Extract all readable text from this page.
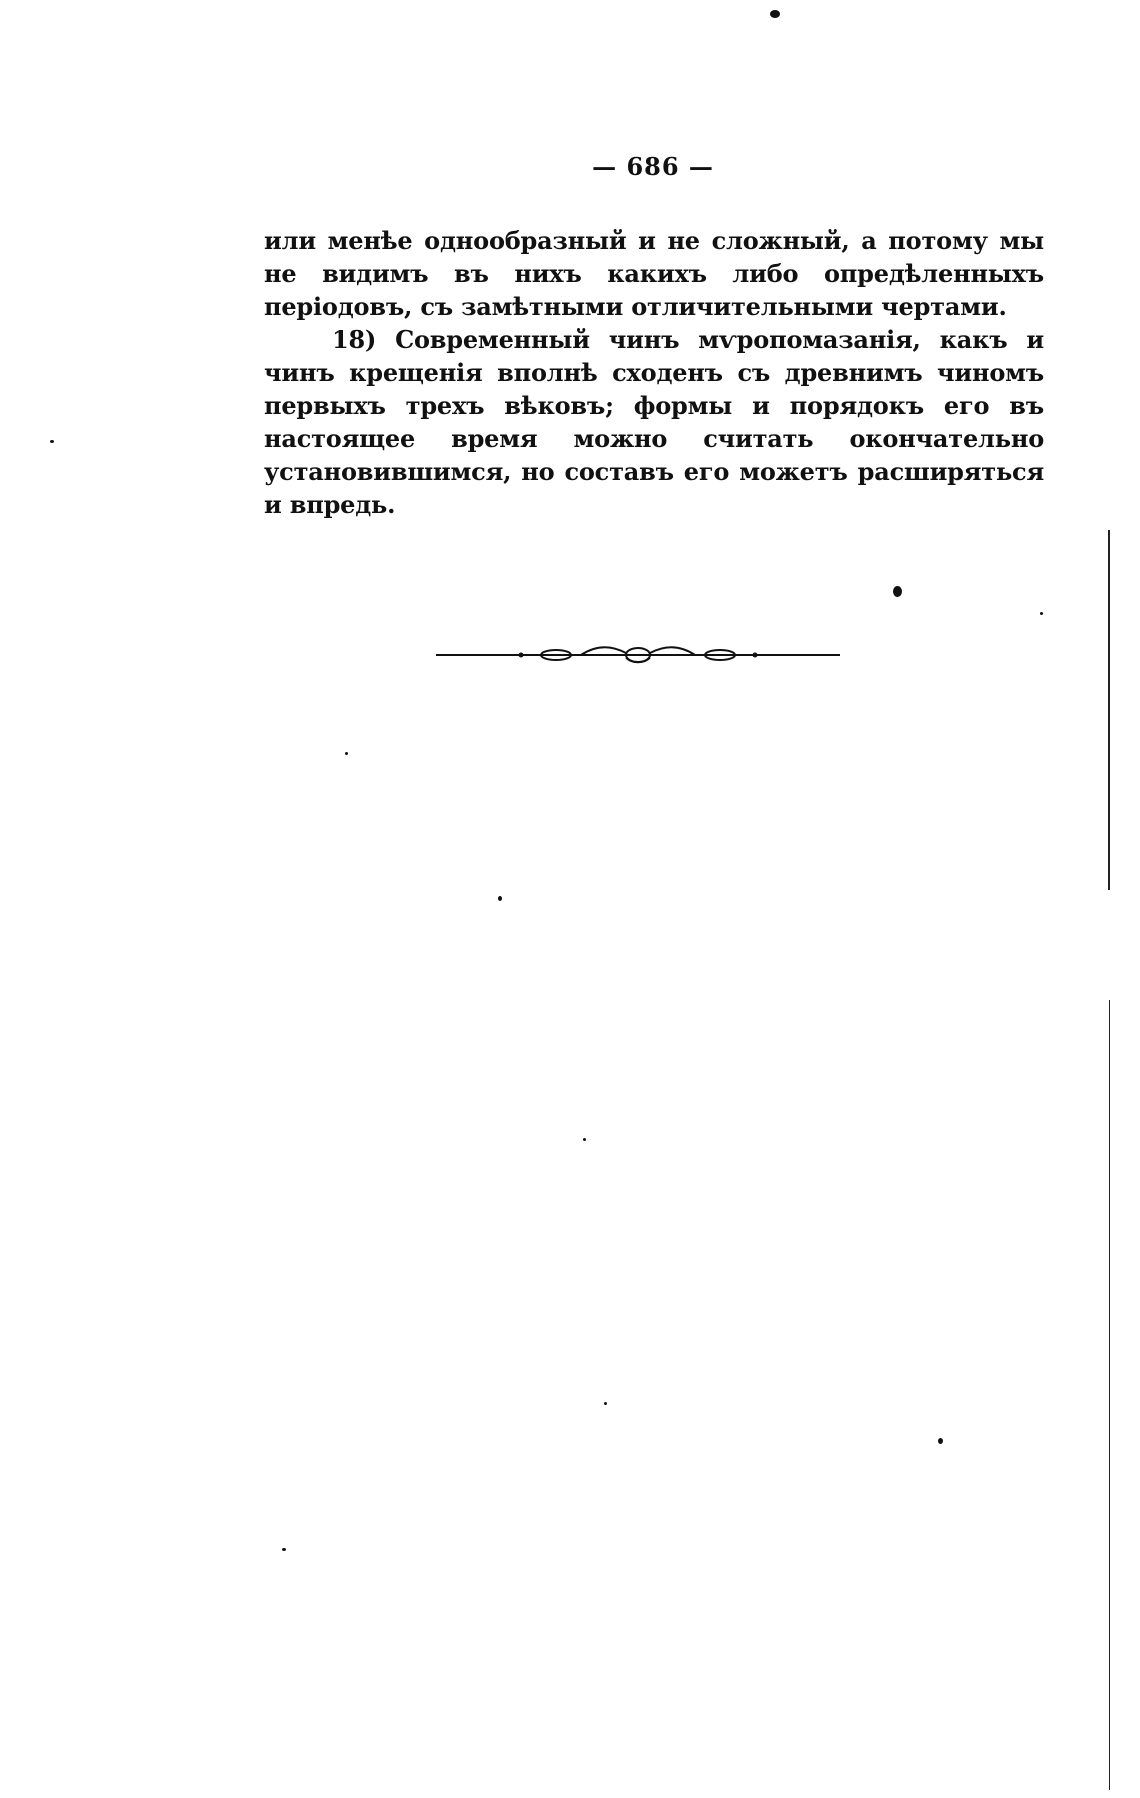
— 686 —

или менѣе однообразный и не сложный, а потому мы не видимъ въ нихъ какихъ либо опредѣленныхъ періодовъ, съ замѣтными отличительными чертами.

18) Современный чинъ мѵропомазанія, какъ и чинъ крещенія вполнѣ сходенъ съ древнимъ чиномъ первыхъ трехъ вѣковъ; формы и порядокъ его въ настоящее время можно считать окончательно установившимся, но составъ его можетъ расширяться и впредь.
